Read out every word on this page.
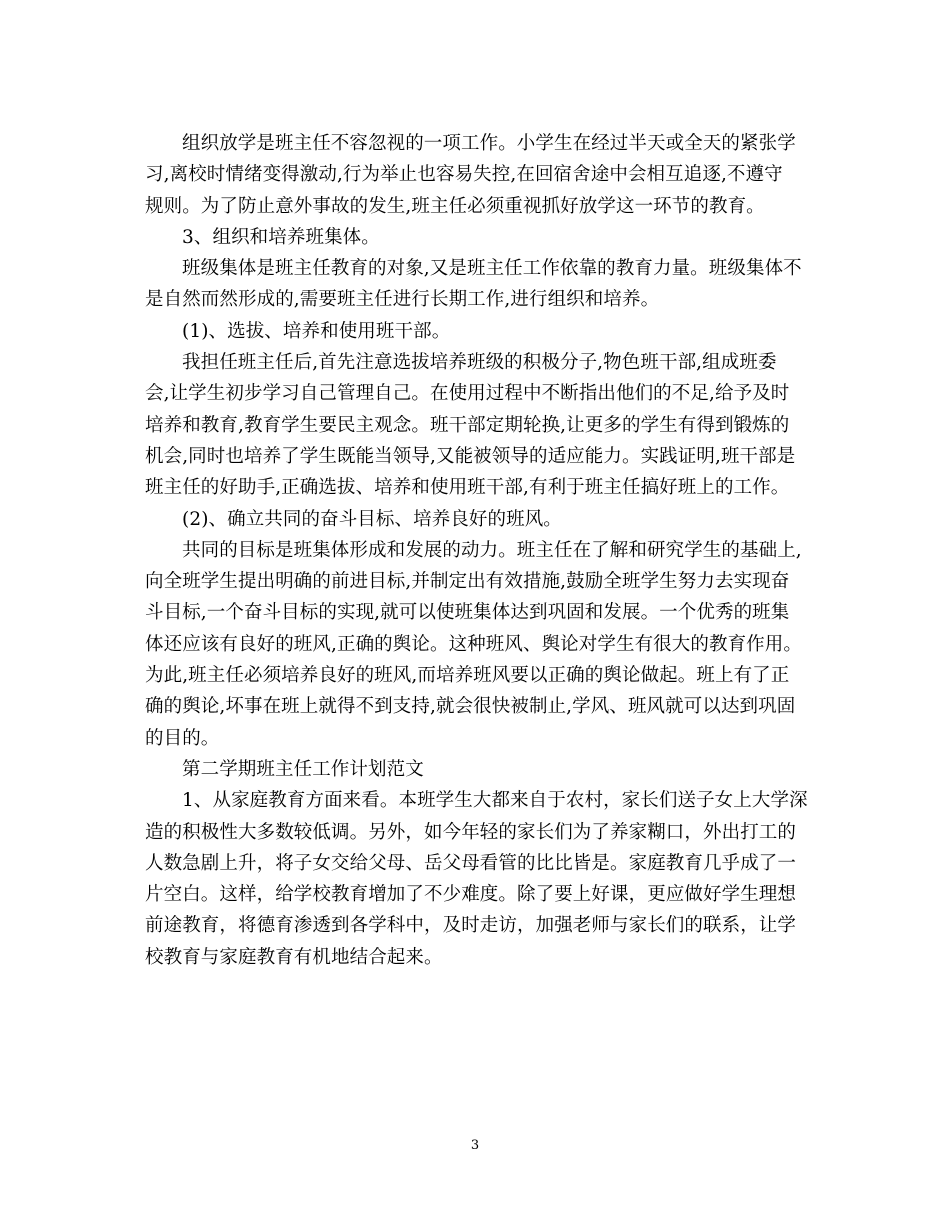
组织放学是班主任不容忽视的一项工作。小学生在经过半天或全天的紧张学
习,离校时情绪变得激动,行为举止也容易失控,在回宿舍途中会相互追逐,不遵守
规则。为了防止意外事故的发生,班主任必须重视抓好放学这一环节的教育。
3、组织和培养班集体。
班级集体是班主任教育的对象,又是班主任工作依靠的教育力量。班级集体不
是自然而然形成的,需要班主任进行长期工作,进行组织和培养。
(1)、选拔、培养和使用班干部。
我担任班主任后,首先注意选拔培养班级的积极分子,物色班干部,组成班委
会,让学生初步学习自己管理自己。在使用过程中不断指出他们的不足,给予及时
培养和教育,教育学生要民主观念。班干部定期轮换,让更多的学生有得到锻炼的
机会,同时也培养了学生既能当领导,又能被领导的适应能力。实践证明,班干部是
班主任的好助手,正确选拔、培养和使用班干部,有利于班主任搞好班上的工作。
(2)、确立共同的奋斗目标、培养良好的班风。
共同的目标是班集体形成和发展的动力。班主任在了解和研究学生的基础上,
向全班学生提出明确的前进目标,并制定出有效措施,鼓励全班学生努力去实现奋
斗目标,一个奋斗目标的实现,就可以使班集体达到巩固和发展。一个优秀的班集
体还应该有良好的班风,正确的舆论。这种班风、舆论对学生有很大的教育作用。
为此,班主任必须培养良好的班风,而培养班风要以正确的舆论做起。班上有了正
确的舆论,坏事在班上就得不到支持,就会很快被制止,学风、班风就可以达到巩固
的目的。
第二学期班主任工作计划范文
1、从家庭教育方面来看。本班学生大都来自于农村，家长们送子女上大学深
造的积极性大多数较低调。另外，如今年轻的家长们为了养家糊口，外出打工的
人数急剧上升，将子女交给父母、岳父母看管的比比皆是。家庭教育几乎成了一
片空白。这样，给学校教育增加了不少难度。除了要上好课，更应做好学生理想
前途教育，将德育渗透到各学科中，及时走访，加强老师与家长们的联系，让学
校教育与家庭教育有机地结合起来。
3
